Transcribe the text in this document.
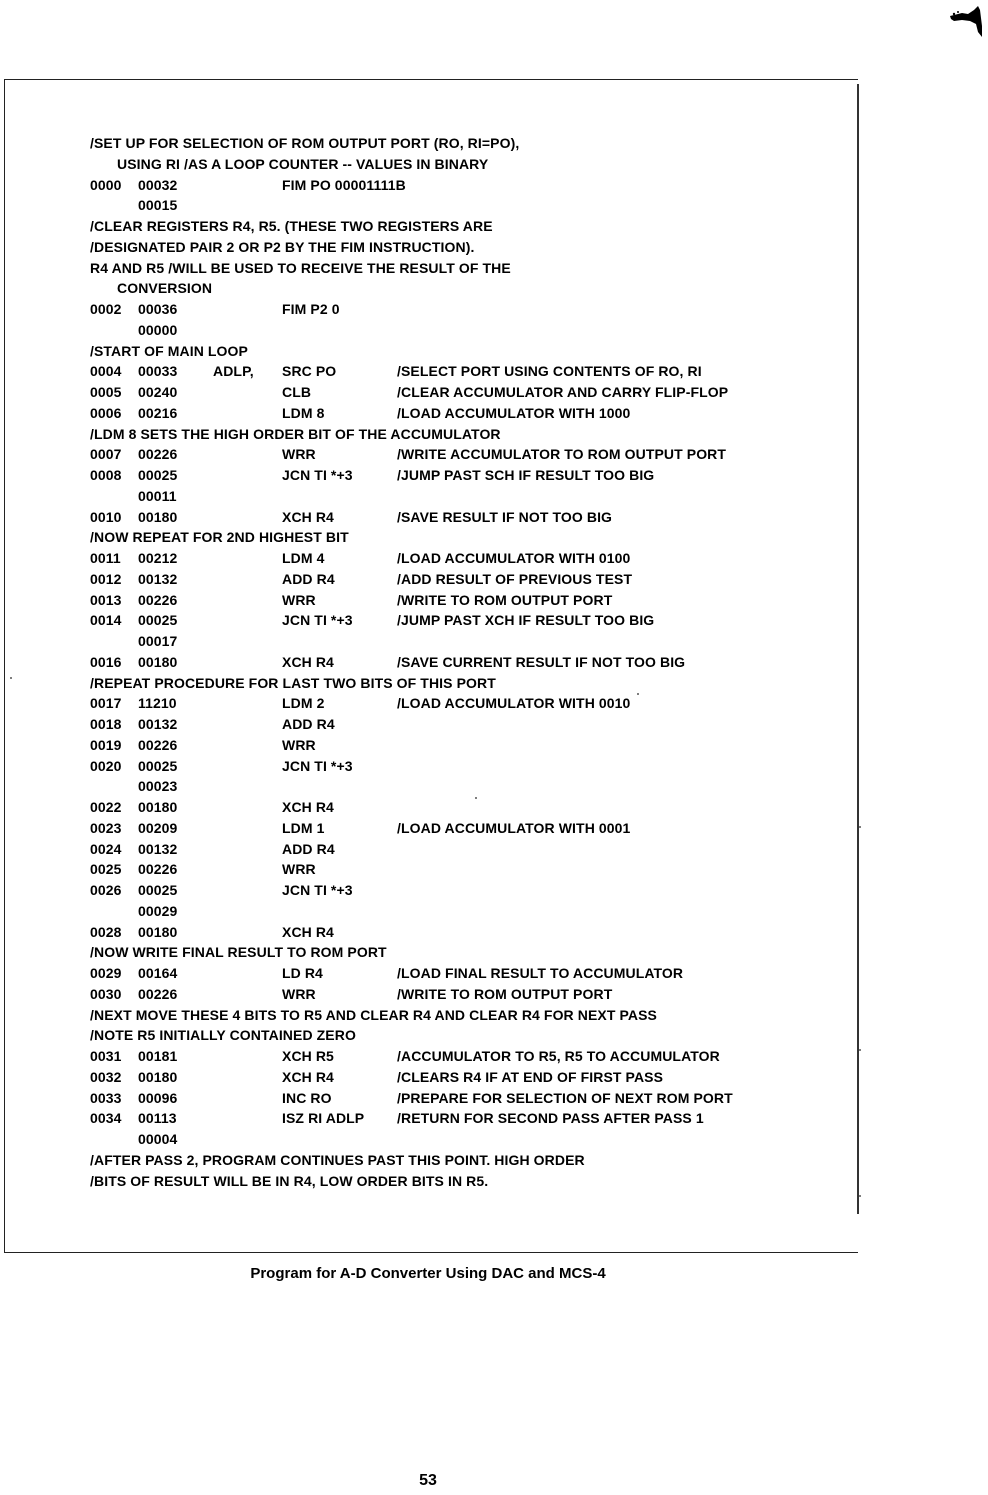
/SET UP FOR SELECTION OF ROM OUTPUT PORT (RO, RI=PO),
USING RI /AS A LOOP COUNTER -- VALUES IN BINARY
0000 00032	FIM PO 00001111B
00015
/CLEAR REGISTERS R4, R5. (THESE TWO REGISTERS ARE
/DESIGNATED PAIR 2 OR P2 BY THE FIM INSTRUCTION).
R4 AND R5 /WILL BE USED TO RECEIVE THE RESULT OF THE
CONVERSION
0002 00036	FIM P2 0
00000
/START OF MAIN LOOP
0004 00033	ADLP, SRC PO	/SELECT PORT USING CONTENTS OF RO, RI
0005 00240	CLB	/CLEAR ACCUMULATOR AND CARRY FLIP-FLOP
0006 00216	LDM 8	/LOAD ACCUMULATOR WITH 1000
/LDM 8 SETS THE HIGH ORDER BIT OF THE ACCUMULATOR
0007 00226	WRR	/WRITE ACCUMULATOR TO ROM OUTPUT PORT
0008 00025	JCN TI *+3	/JUMP PAST SCH IF RESULT TOO BIG
00011
0010 00180	XCH R4	/SAVE RESULT IF NOT TOO BIG
/NOW REPEAT FOR 2ND HIGHEST BIT
0011 00212	LDM 4	/LOAD ACCUMULATOR WITH 0100
0012 00132	ADD R4	/ADD RESULT OF PREVIOUS TEST
0013 00226	WRR	/WRITE TO ROM OUTPUT PORT
0014 00025	JCN TI *+3	/JUMP PAST XCH IF RESULT TOO BIG
00017
0016 00180	XCH R4	/SAVE CURRENT RESULT IF NOT TOO BIG
/REPEAT PROCEDURE FOR LAST TWO BITS OF THIS PORT
0017 11210	LDM 2	/LOAD ACCUMULATOR WITH 0010
0018 00132	ADD R4
0019 00226	WRR
0020 00025	JCN TI *+3
00023
0022 00180	XCH R4
0023 00209	LDM 1	/LOAD ACCUMULATOR WITH 0001
0024 00132	ADD R4
0025 00226	WRR
0026 00025	JCN TI *+3
00029
0028 00180	XCH R4
/NOW WRITE FINAL RESULT TO ROM PORT
0029 00164	LD R4	/LOAD FINAL RESULT TO ACCUMULATOR
0030 00226	WRR	/WRITE TO ROM OUTPUT PORT
/NEXT MOVE THESE 4 BITS TO R5 AND CLEAR R4 AND CLEAR R4 FOR NEXT PASS
/NOTE R5 INITIALLY CONTAINED ZERO
0031 00181	XCH R5	/ACCUMULATOR TO R5, R5 TO ACCUMULATOR
0032 00180	XCH R4	/CLEARS R4 IF AT END OF FIRST PASS
0033 00096	INC RO	/PREPARE FOR SELECTION OF NEXT ROM PORT
0034 00113	ISZ RI ADLP /RETURN FOR SECOND PASS AFTER PASS 1
00004
/AFTER PASS 2, PROGRAM CONTINUES PAST THIS POINT. HIGH ORDER
/BITS OF RESULT WILL BE IN R4, LOW ORDER BITS IN R5.
Program for A-D Converter Using DAC and MCS-4
53
